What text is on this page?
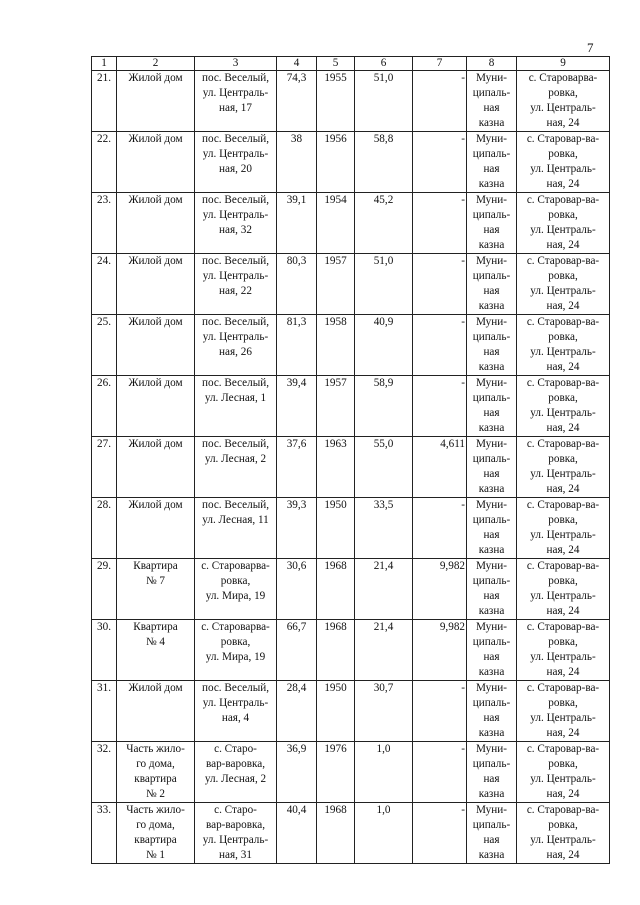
7
1	2	3	4	5	6	7	8	9
21.	Жилой дом	пос. Веселый,
ул. Централь-
ная, 17	74,3	1955	51,0	-	Муни-
ципаль-
ная
казна	с. Староварва-
ровка,
ул. Централь-
ная, 24

22.	Жилой дом	пос. Веселый,
ул. Централь-
ная, 20	38	1956	58,8	-	Муни-
ципаль-
ная
казна	с. Старовар-ва-
ровка,
ул. Централь-
ная, 24

23.	Жилой дом	пос. Веселый,
ул. Централь-
ная, 32	39,1	1954	45,2	-	Муни-
ципаль-
ная
казна	с. Старовар-ва-
ровка,
ул. Централь-
ная, 24

24.	Жилой дом	пос. Веселый,
ул. Централь-
ная, 22	80,3	1957	51,0	-	Муни-
ципаль-
ная
казна	с. Старовар-ва-
ровка,
ул. Централь-
ная, 24

25.	Жилой дом	пос. Веселый,
ул. Централь-
ная, 26	81,3	1958	40,9	-	Муни-
ципаль-
ная
казна	с. Старовар-ва-
ровка,
ул. Централь-
ная, 24

26.	Жилой дом	пос. Веселый,
ул. Лесная, 1	39,4	1957	58,9	-	Муни-
ципаль-
ная
казна	с. Старовар-ва-
ровка,
ул. Централь-
ная, 24

27.	Жилой дом	пос. Веселый,
ул. Лесная, 2	37,6	1963	55,0	4,611	Муни-
ципаль-
ная
казна	с. Старовар-ва-
ровка,
ул. Централь-
ная, 24

28.	Жилой дом	пос. Веселый,
ул. Лесная, 11	39,3	1950	33,5	-	Муни-
ципаль-
ная
казна	с. Старовар-ва-
ровка,
ул. Централь-
ная, 24

29.	Квартира
№ 7	с. Староварва-
ровка,
ул. Мира, 19	30,6	1968	21,4	9,982	Муни-
ципаль-
ная
казна	с. Старовар-ва-
ровка,
ул. Централь-
ная, 24

30.	Квартира
№ 4	с. Староварва-
ровка,
ул. Мира, 19	66,7	1968	21,4	9,982	Муни-
ципаль-
ная
казна	с. Старовар-ва-
ровка,
ул. Централь-
ная, 24

31.	Жилой дом	пос. Веселый,
ул. Централь-
ная, 4	28,4	1950	30,7	-	Муни-
ципаль-
ная
казна	с. Старовар-ва-
ровка,
ул. Централь-
ная, 24

32.	Часть жило-
го дома,
квартира
№ 2	с. Старо-
вар-варовка,
ул. Лесная, 2	36,9	1976	1,0	-	Муни-
ципаль-
ная
казна	с. Старовар-ва-
ровка,
ул. Централь-
ная, 24

33.	Часть жило-
го дома,
квартира
№ 1	с. Старо-
вар-варовка,
ул. Централь-
ная, 31	40,4	1968	1,0	-	Муни-
ципаль-
ная
казна	с. Старовар-ва-
ровка,
ул. Централь-
ная, 24
